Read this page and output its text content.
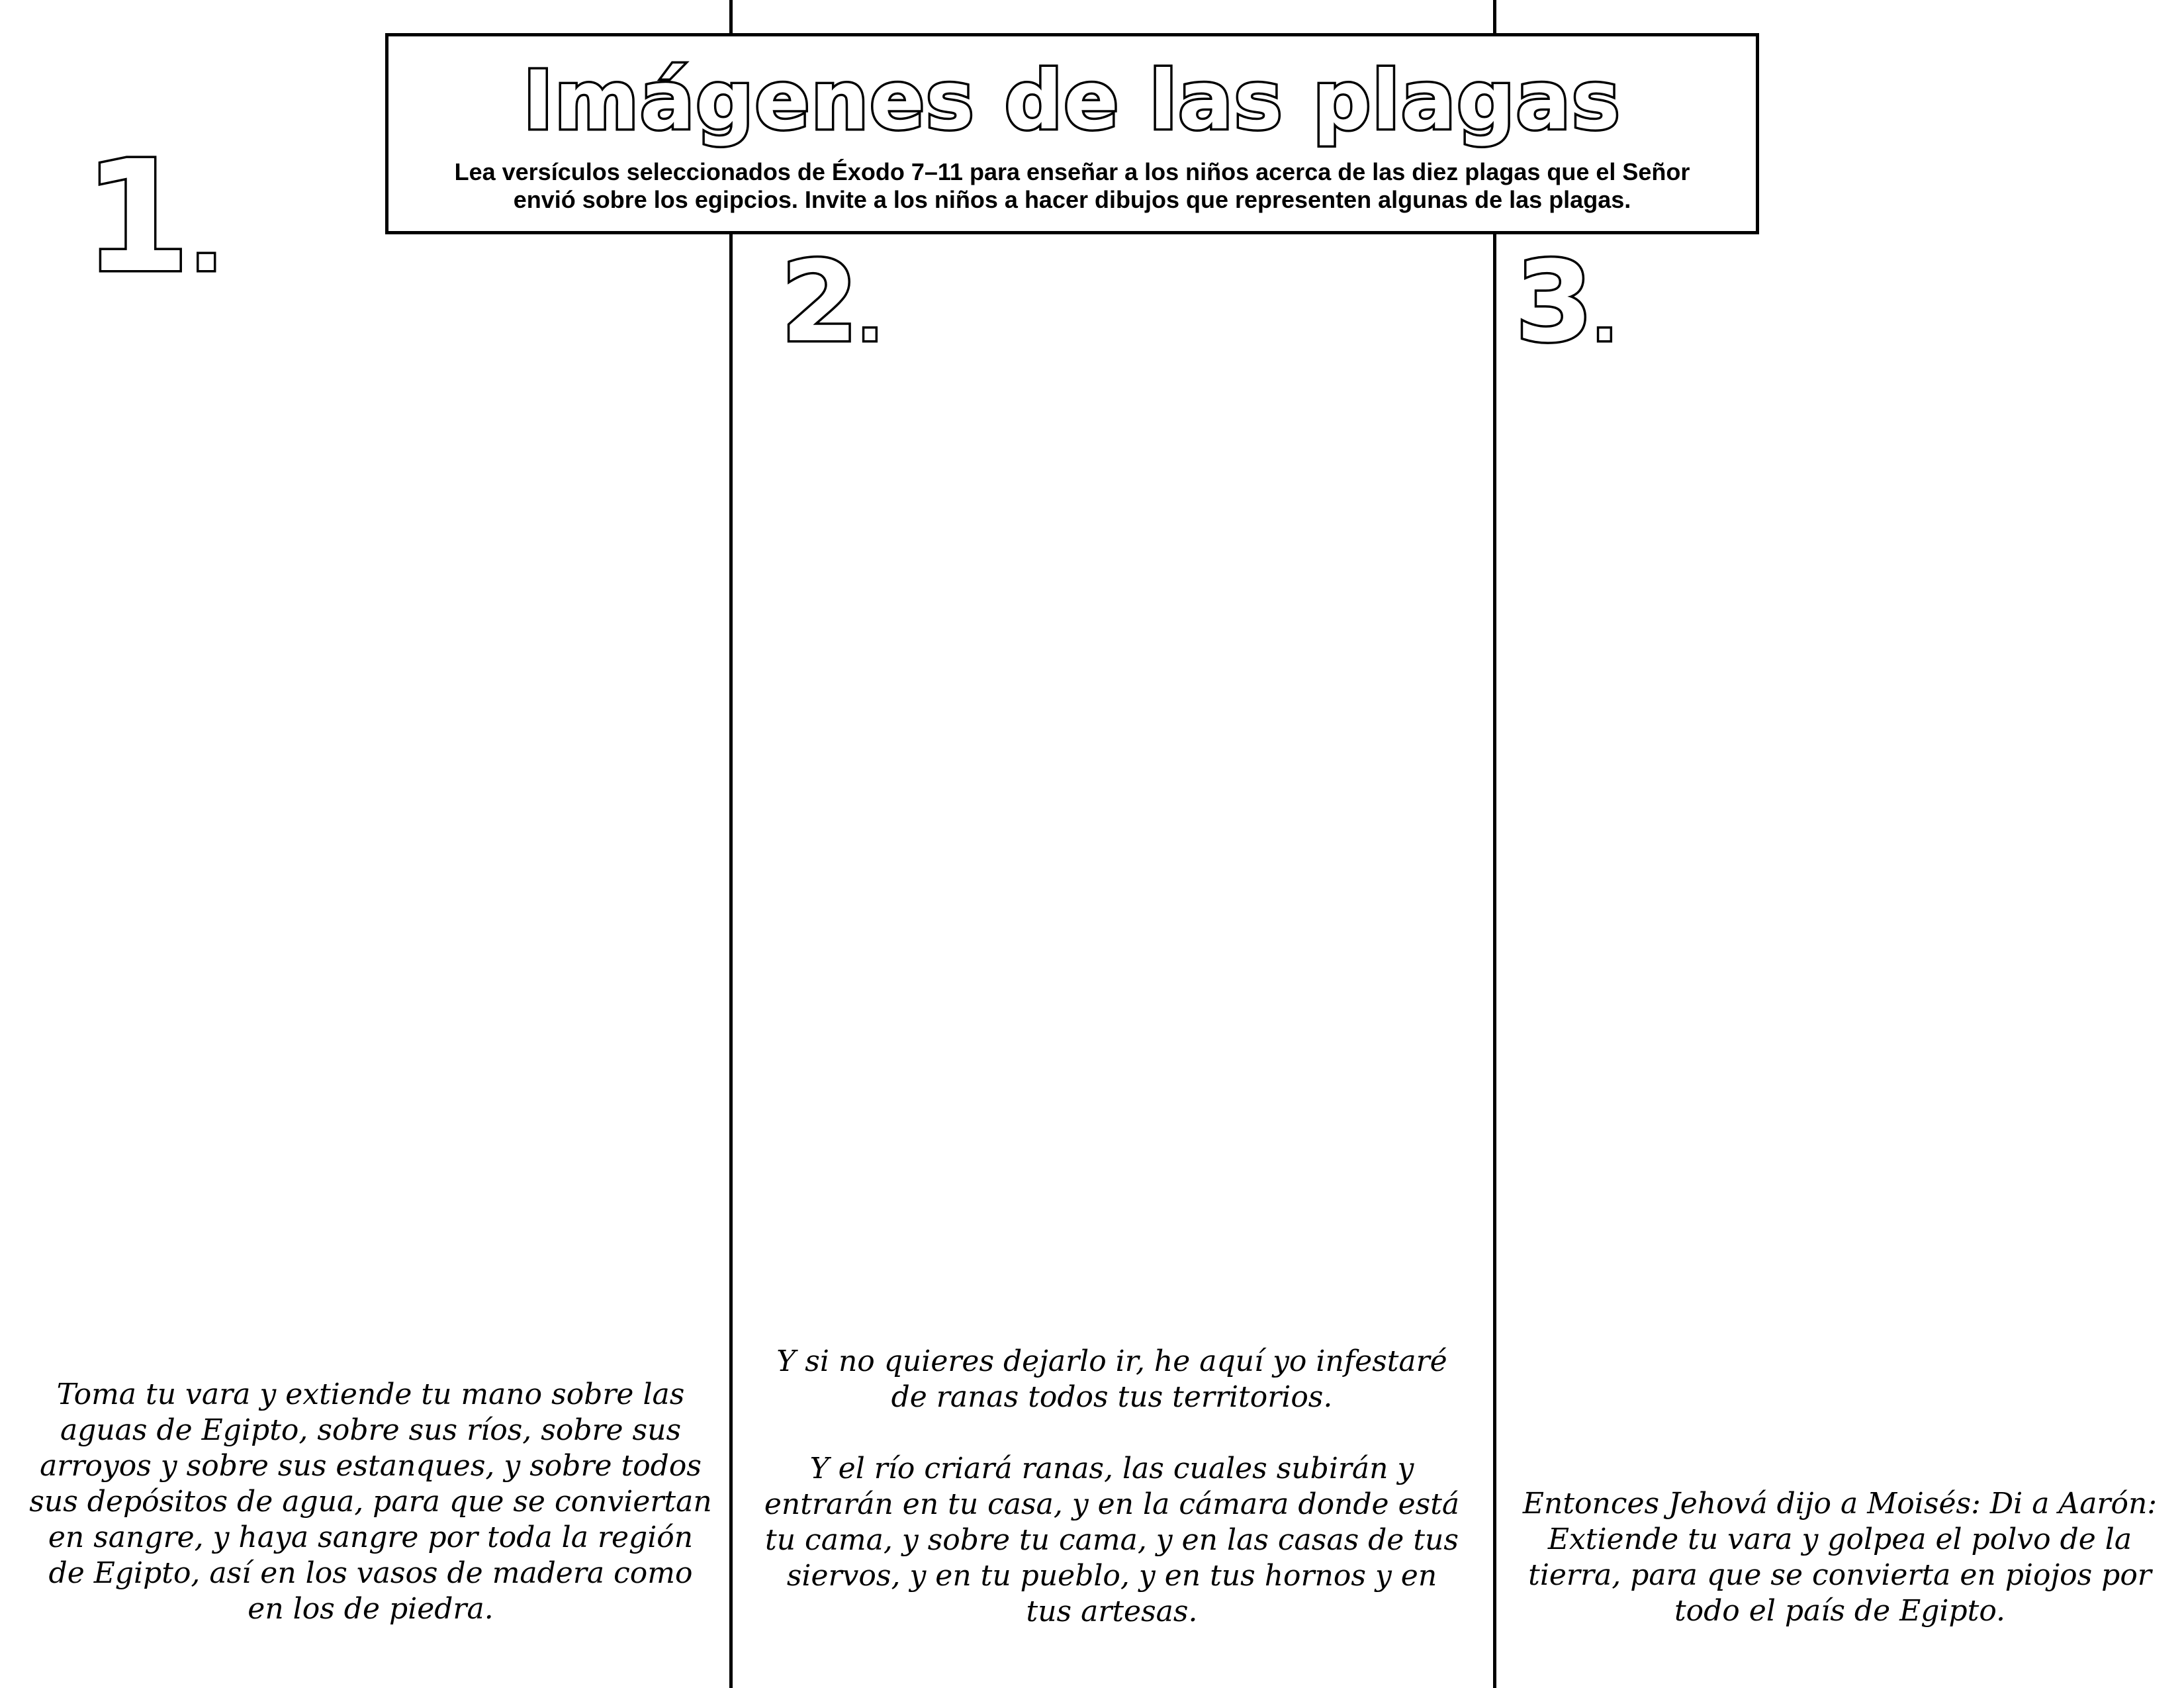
Imágenes de las plagas
Lea versículos seleccionados de Éxodo 7–11 para enseñar a los niños acerca de las diez plagas que el Señor envió sobre los egipcios. Invite a los niños a hacer dibujos que representen algunas de las plagas.
1.	2.	3.

Toma tu vara y extiende tu mano sobre las aguas de Egipto, sobre sus ríos, sobre sus arroyos y sobre sus estanques, y sobre todos sus depósitos de agua, para que se conviertan en sangre, y haya sangre por toda la región de Egipto, así en los vasos de madera como en los de piedra.

Y si no quieres dejarlo ir, he aquí yo infestaré de ranas todos tus territorios.

Y el río criará ranas, las cuales subirán y entrarán en tu casa, y en la cámara donde está tu cama, y sobre tu cama, y en las casas de tus siervos, y en tu pueblo, y en tus hornos y en tus artesas.

Entonces Jehová dijo a Moisés: Di a Aarón: Extiende tu vara y golpea el polvo de la tierra, para que se convierta en piojos por todo el país de Egipto.
